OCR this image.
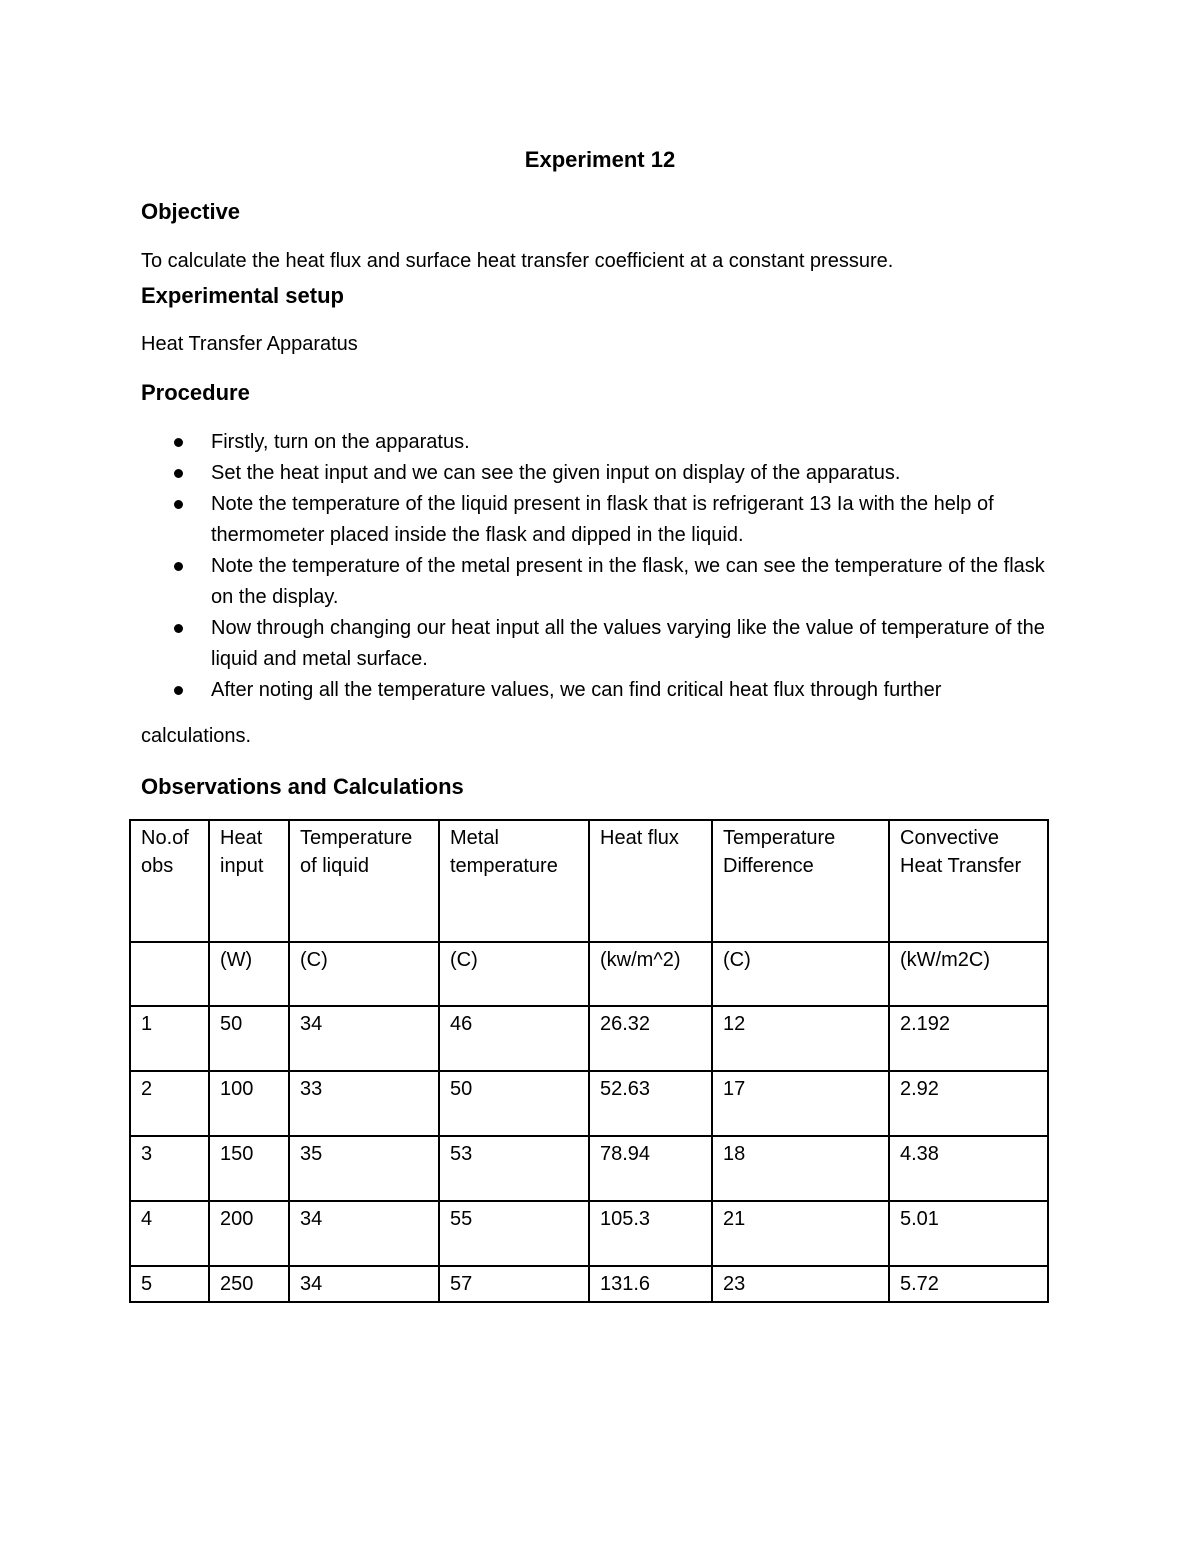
Experiment 12
Objective
To calculate the heat flux and surface heat transfer coefficient at a constant pressure.
Experimental setup
Heat Transfer Apparatus
Procedure
Firstly, turn on the apparatus.
Set the heat input and we can see the given input on display of the apparatus.
Note the temperature of the liquid present in flask that is refrigerant 13 Ia with the help of thermometer placed inside the flask and dipped in the liquid.
Note the temperature of the metal present in the flask, we can see the temperature of the flask on the display.
Now through changing our heat input all the values varying like the value of temperature of the liquid and metal surface.
After noting all the temperature values, we can find critical heat flux through further
calculations.
Observations and Calculations
No.of obs	Heat input	Temperature of liquid	Metal temperature	Heat flux	Temperature Difference	Convective Heat Transfer
	(W)	(C)	(C)	(kw/m^2)	(C)	(kW/m2C)
1	50	34	46	26.32	12	2.192
2	100	33	50	52.63	17	2.92
3	150	35	53	78.94	18	4.38
4	200	34	55	105.3	21	5.01
5	250	34	57	131.6	23	5.72
